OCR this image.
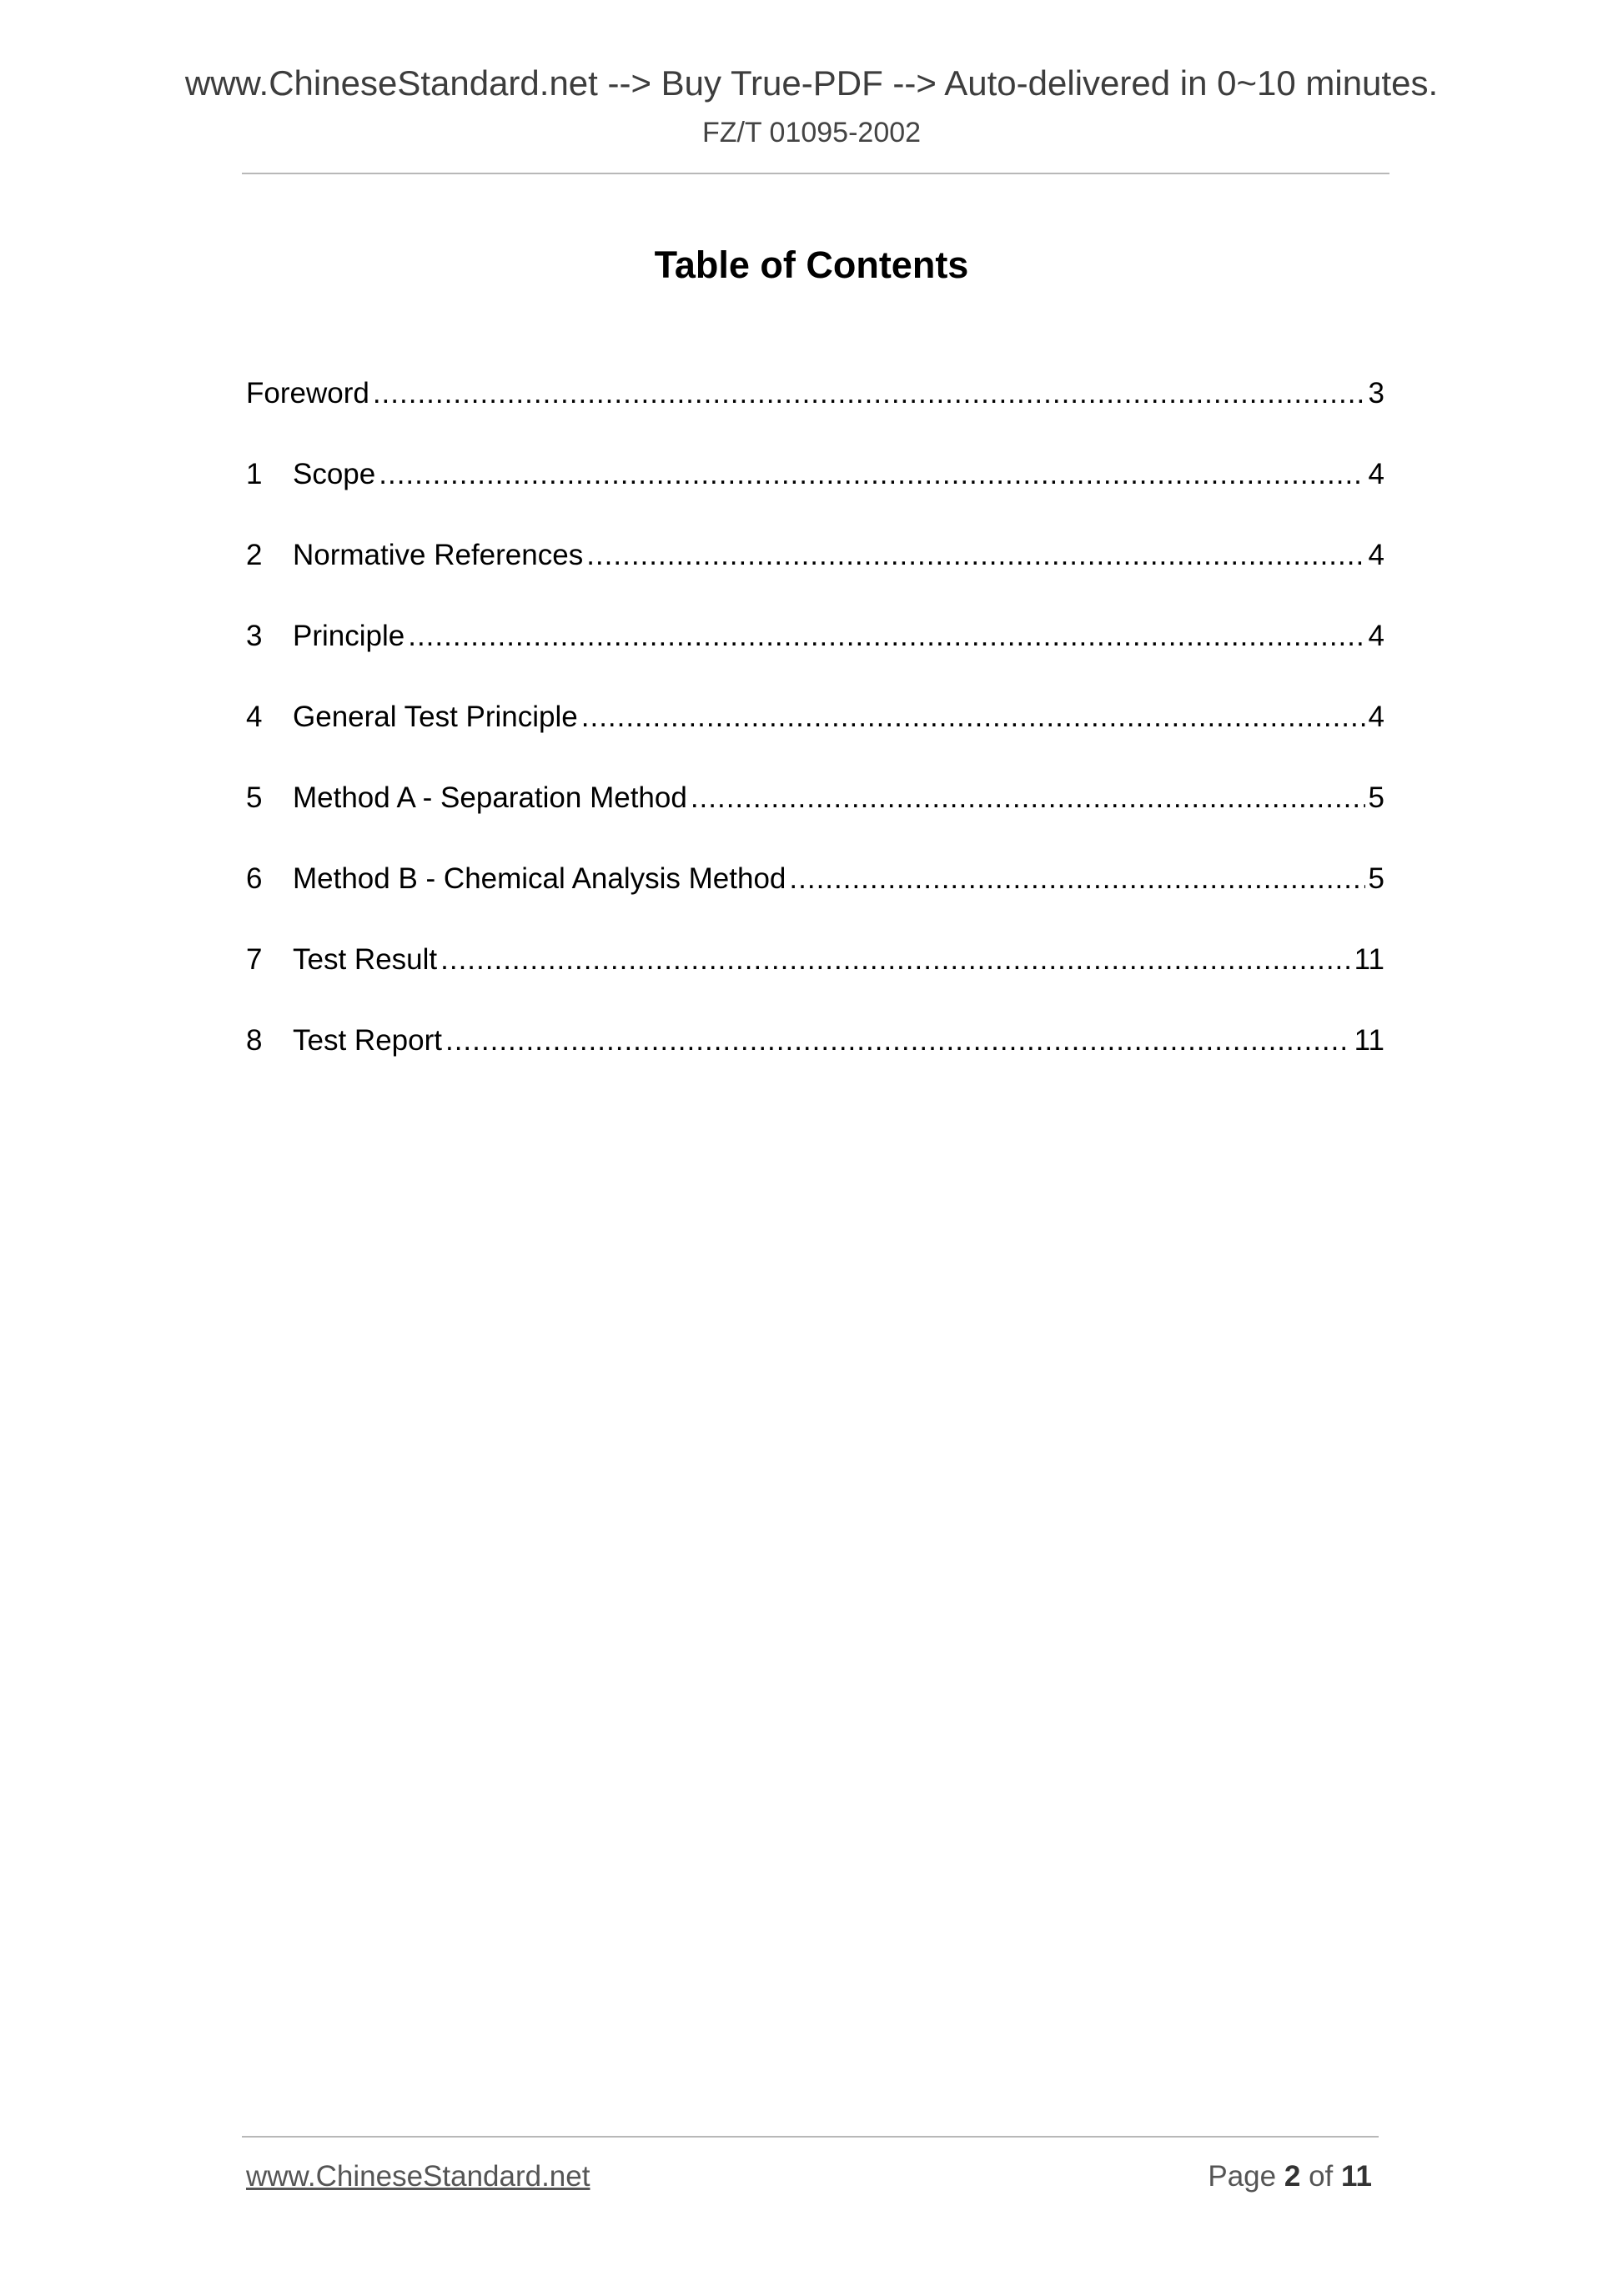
www.ChineseStandard.net --> Buy True-PDF --> Auto-delivered in 0~10 minutes.
FZ/T 01095-2002
Table of Contents
Foreword .....	3
1	Scope .....	4
2	Normative References .....	4
3	Principle .....	4
4	General Test Principle .....	4
5	Method A - Separation Method .....	5
6	Method B - Chemical Analysis Method .....	5
7	Test Result .....	11
8	Test Report .....	11
www.ChineseStandard.net	Page 2 of 11
